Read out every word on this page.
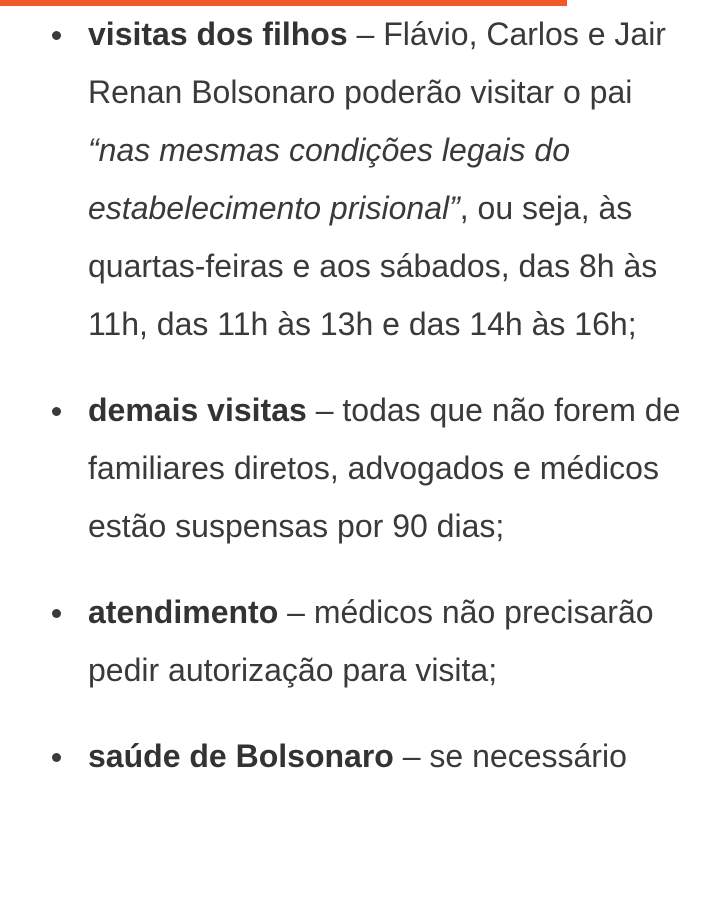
visitas dos filhos – Flávio, Carlos e Jair Renan Bolsonaro poderão visitar o pai “nas mesmas condições legais do estabelecimento prisional”, ou seja, às quartas-feiras e aos sábados, das 8h às 11h, das 11h às 13h e das 14h às 16h;
demais visitas – todas que não forem de familiares diretos, advogados e médicos estão suspensas por 90 dias;
atendimento – médicos não precisarão pedir autorização para visita;
saúde de Bolsonaro – se necessário
